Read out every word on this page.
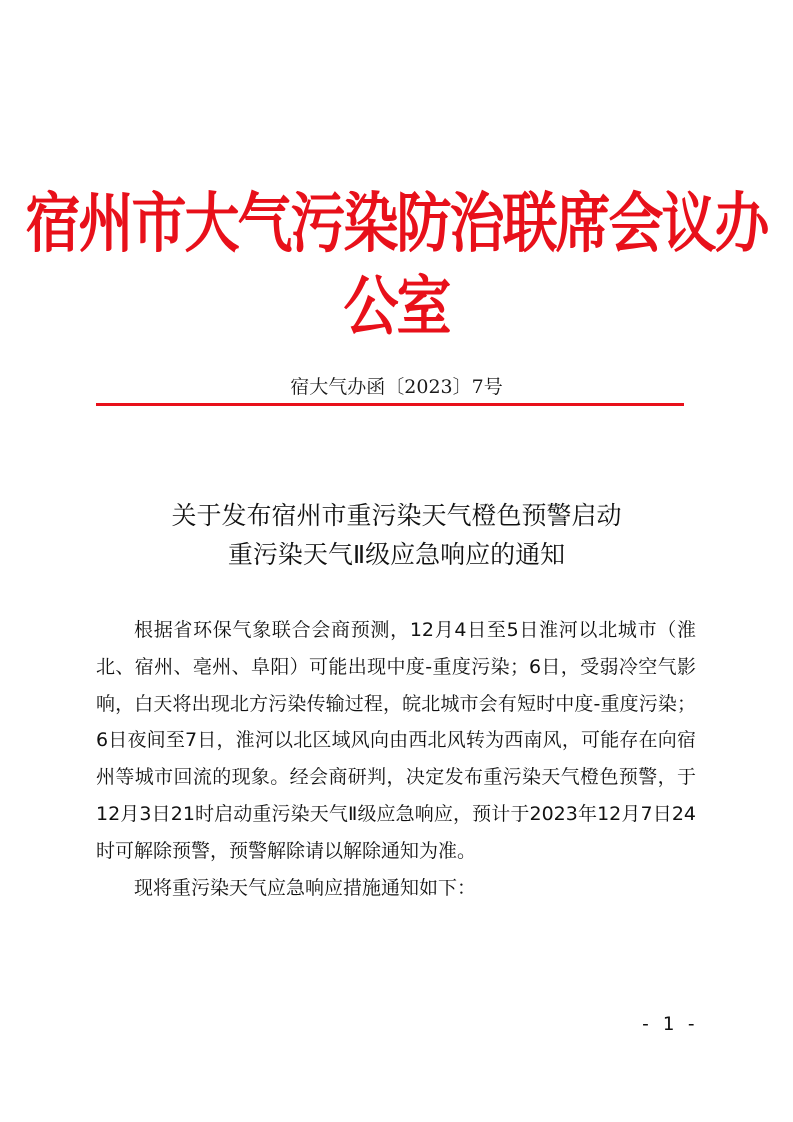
宿州市大气污染防治联席会议办公室
宿大气办函〔2023〕7号
关于发布宿州市重污染天气橙色预警启动
重污染天气Ⅱ级应急响应的通知

根据省环保气象联合会商预测，12月4日至5日淮河以北城市（淮北、宿州、亳州、阜阳）可能出现中度-重度污染；6日，受弱冷空气影响，白天将出现北方污染传输过程，皖北城市会有短时中度-重度污染；6日夜间至7日，淮河以北区域风向由西北风转为西南风，可能存在向宿州等城市回流的现象。经会商研判，决定发布重污染天气橙色预警，于12月3日21时启动重污染天气Ⅱ级应急响应，预计于2023年12月7日24时可解除预警，预警解除请以解除通知为准。

现将重污染天气应急响应措施通知如下：

- 1 -
